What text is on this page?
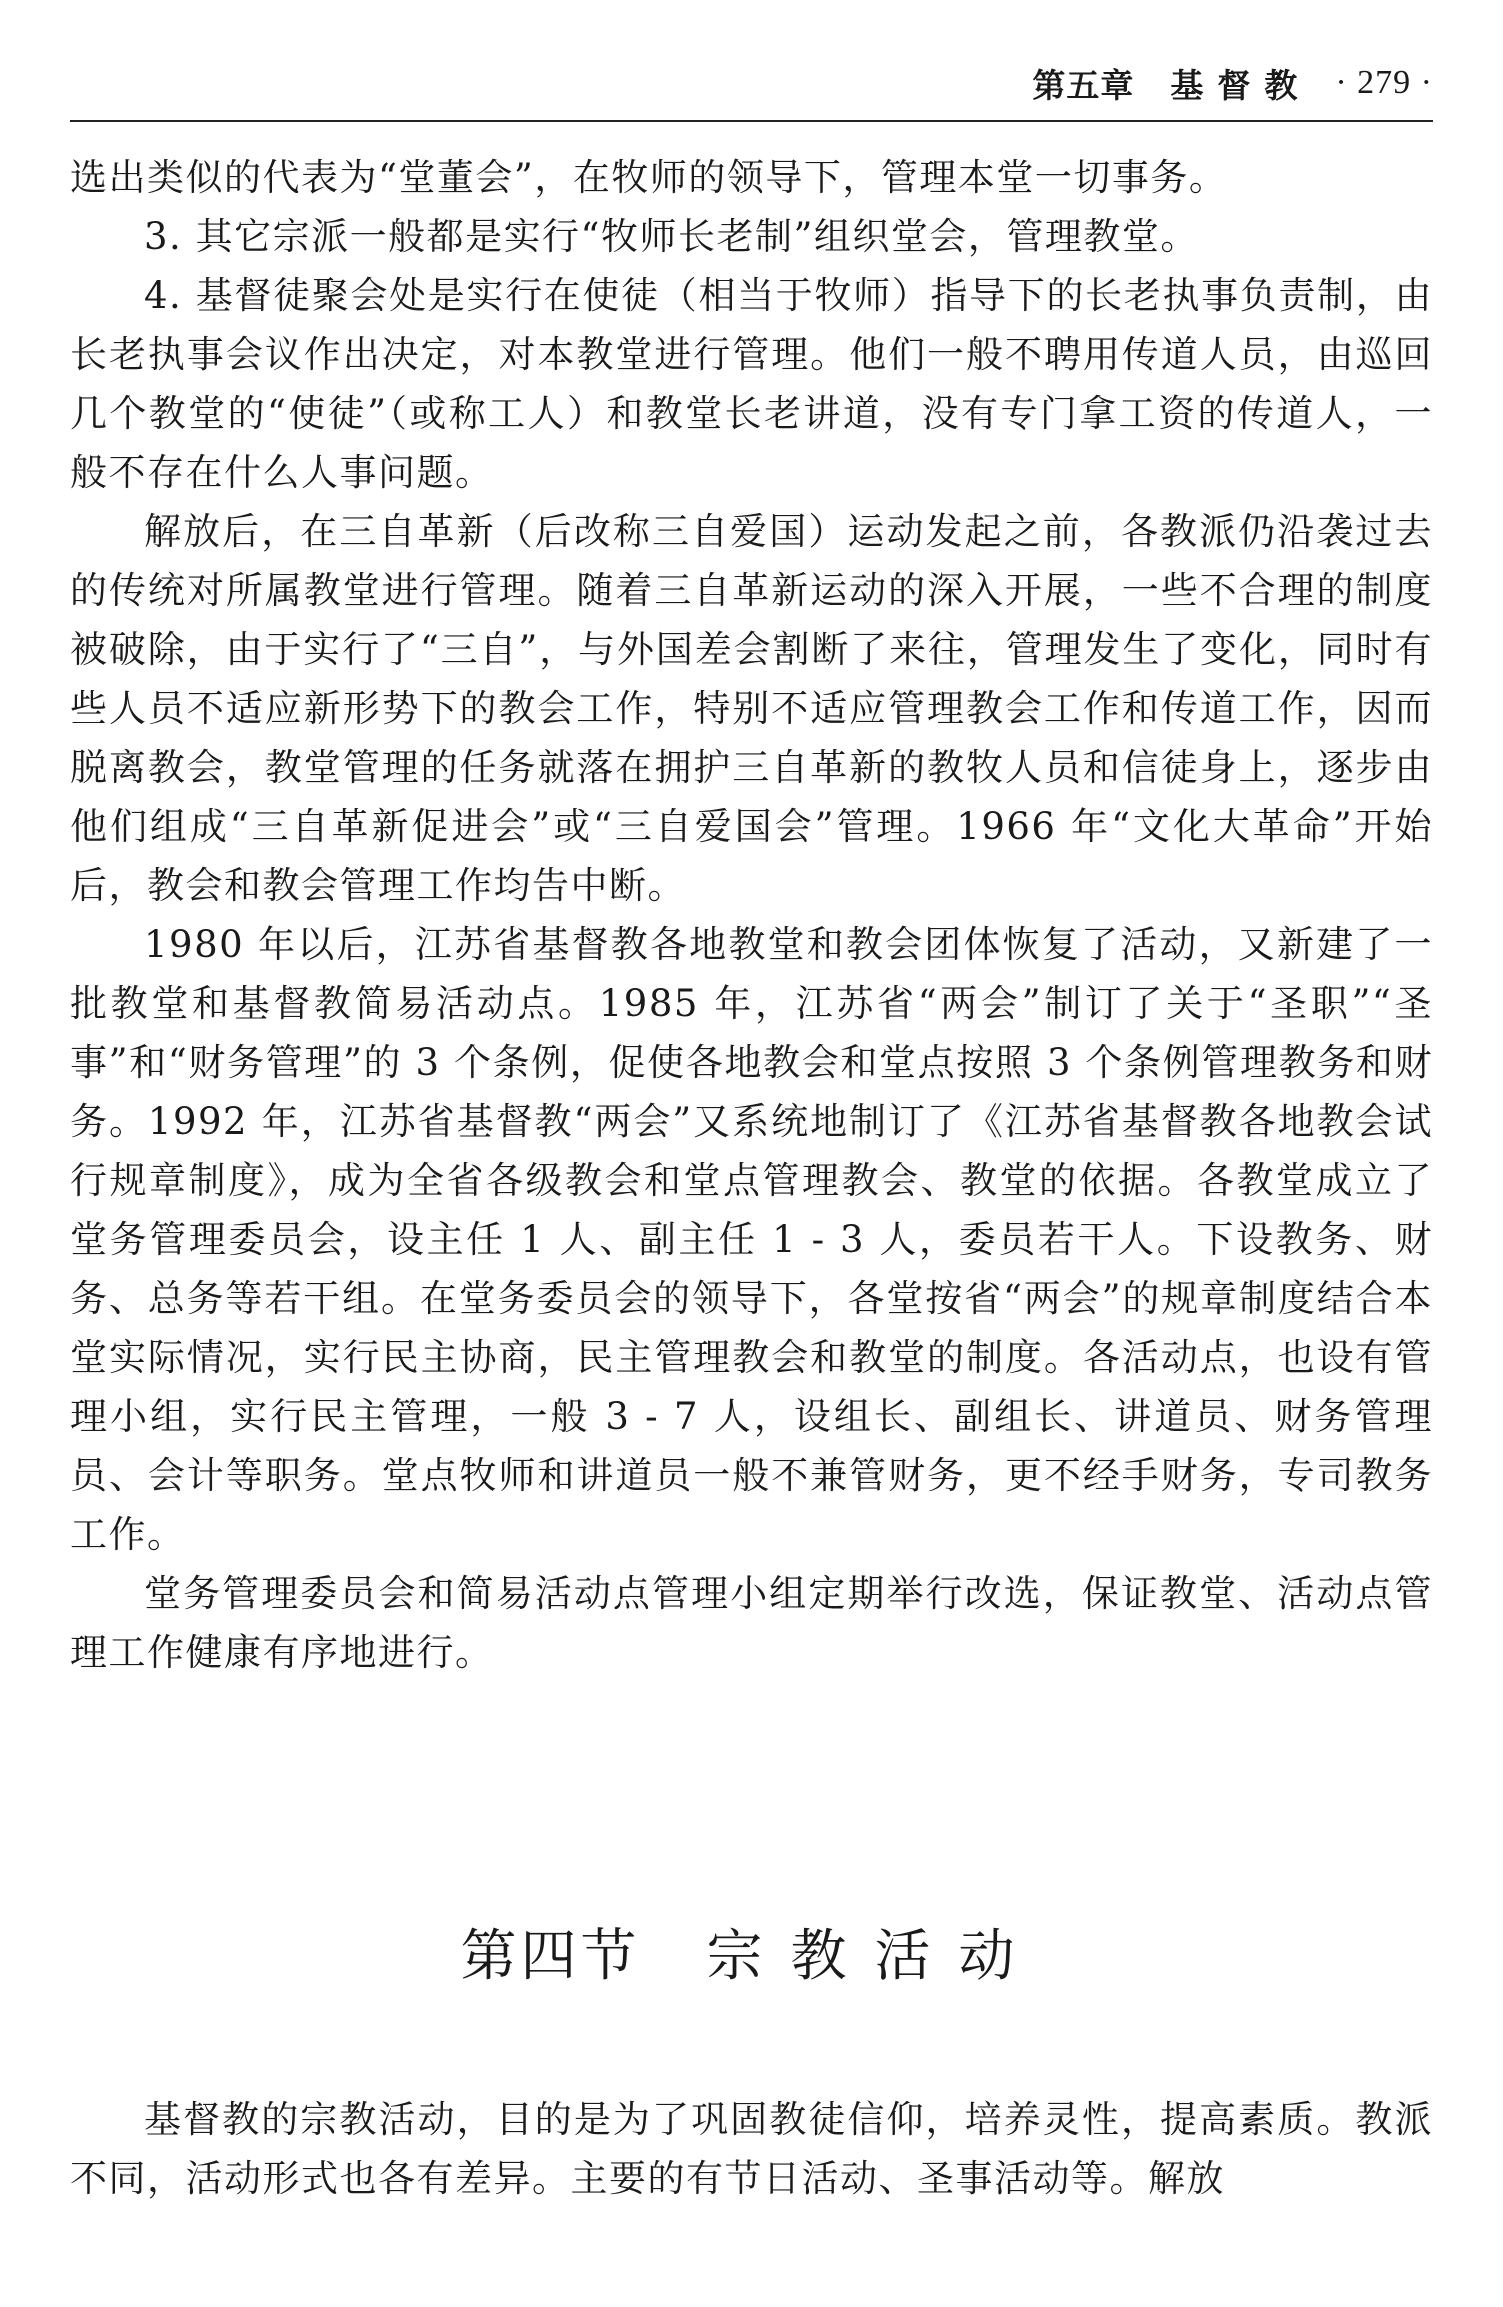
第五章 基督教 · 279 ·

选出类似的代表为“堂董会”，在牧师的领导下，管理本堂一切事务。

3. 其它宗派一般都是实行“牧师长老制”组织堂会，管理教堂。

4. 基督徒聚会处是实行在使徒（相当于牧师）指导下的长老执事负责制，由长老执事会议作出决定，对本教堂进行管理。他们一般不聘用传道人员，由巡回几个教堂的“使徒”（或称工人）和教堂长老讲道，没有专门拿工资的传道人，一般不存在什么人事问题。

解放后，在三自革新（后改称三自爱国）运动发起之前，各教派仍沿袭过去的传统对所属教堂进行管理。随着三自革新运动的深入开展，一些不合理的制度被破除，由于实行了“三自”，与外国差会割断了来往，管理发生了变化，同时有些人员不适应新形势下的教会工作，特别不适应管理教会工作和传道工作，因而脱离教会，教堂管理的任务就落在拥护三自革新的教牧人员和信徒身上，逐步由他们组成“三自革新促进会”或“三自爱国会”管理。1966 年“文化大革命”开始后，教会和教会管理工作均告中断。

1980 年以后，江苏省基督教各地教堂和教会团体恢复了活动，又新建了一批教堂和基督教简易活动点。1985 年，江苏省“两会”制订了关于“圣职”“圣事”和“财务管理”的 3 个条例，促使各地教会和堂点按照 3 个条例管理教务和财务。1992 年，江苏省基督教“两会”又系统地制订了《江苏省基督教各地教会试行规章制度》，成为全省各级教会和堂点管理教会、教堂的依据。各教堂成立了堂务管理委员会，设主任 1 人、副主任 1 - 3 人，委员若干人。下设教务、财务、总务等若干组。在堂务委员会的领导下，各堂按省“两会”的规章制度结合本堂实际情况，实行民主协商，民主管理教会和教堂的制度。各活动点，也设有管理小组，实行民主管理，一般 3 - 7 人，设组长、副组长、讲道员、财务管理员、会计等职务。堂点牧师和讲道员一般不兼管财务，更不经手财务，专司教务工作。

堂务管理委员会和简易活动点管理小组定期举行改选，保证教堂、活动点管理工作健康有序地进行。

第四节 宗教活动

基督教的宗教活动，目的是为了巩固教徒信仰，培养灵性，提高素质。教派不同，活动形式也各有差异。主要的有节日活动、圣事活动等。解放
